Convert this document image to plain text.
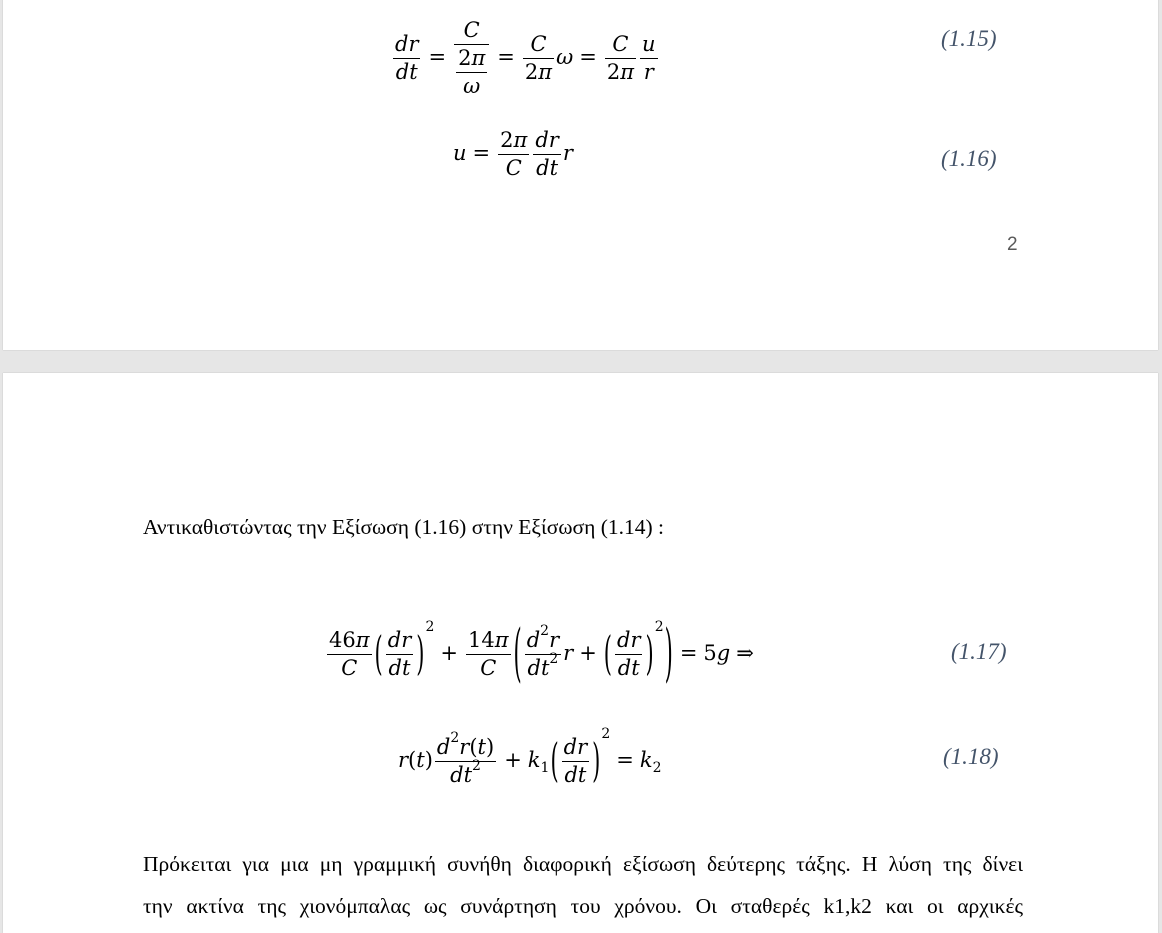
$\frac{dr}{dt} = \frac{C}{\frac{2\pi}{\omega}} = \frac{C}{2\pi}$ $\omega = \frac{C}{2\pi} \frac{u}{r}$	(1.15)
$u = \frac{2\pi}{C} \frac{dr}{dt}$ r	(1.16)
2
Αντικαθιστώντας την Εξίσωση (1.16) στην Εξίσωση (1.14) :
$\frac{46\pi}{C}$ ( $\frac{dr}{dt} )^2+ \frac{14\pi}{C}$ ( $\frac{d^2r}{dt^2}$ r + ( $\frac{dr}{dt} )^2) = 5g$ ⇒	(1.17)
$r(t) \frac{d^2r(t)}{dt^2} + k_1( \frac{dr}{dt} )^2= k_2$	(1.18)
Πρόκειται για μια μη γραμμική συνήθη διαφορική εξίσωση δεύτερης τάξης. Η λύση της δίνει
την ακτίνα της χιονόμπαλας ως συνάρτηση του χρόνου. Οι σταθερές k1,k2 και οι αρχικές
